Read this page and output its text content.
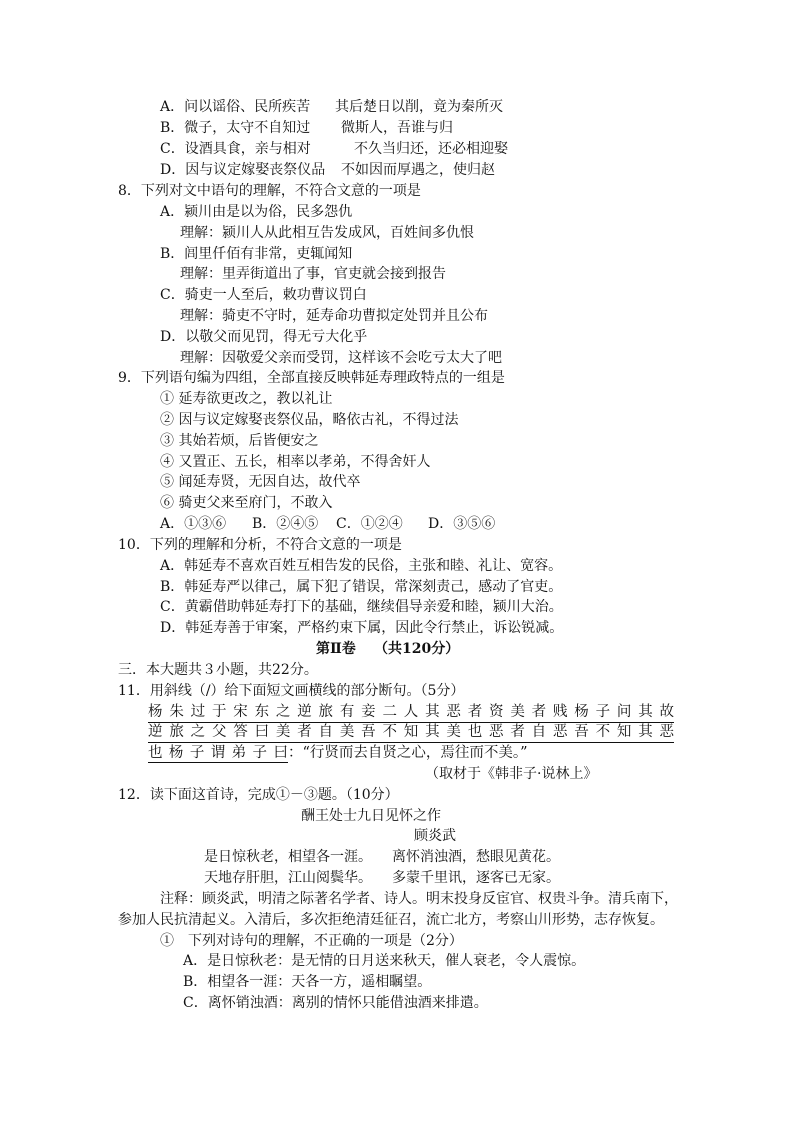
A．问以谣俗、民所疾苦 其后楚日以削，竟为秦所灭
B．微子，太守不自知过 微斯人，吾谁与归
C．设酒具食，亲与相对	不久当归还，还必相迎娶
D．因与议定嫁娶丧祭仪品 不如因而厚遇之，使归赵
8．下列对文中语句的理解，不符合文意的一项是
A．颍川由是以为俗，民多怨仇
理解：颍川人从此相互告发成风，百姓间多仇恨
B．闾里仟佰有非常，吏辄闻知
理解：里弄街道出了事，官吏就会接到报告
C．骑吏一人至后，敕功曹议罚白
理解：骑吏不守时，延寿命功曹拟定处罚并且公布
D．以敬父而见罚，得无亏大化乎
理解：因敬爱父亲而受罚，这样该不会吃亏太大了吧
9．下列语句编为四组，全部直接反映韩延寿理政特点的一组是
① 延寿欲更改之，教以礼让
② 因与议定嫁娶丧祭仪品，略依古礼，不得过法
③ 其始若烦，后皆便安之
④ 又置正、五长，相率以孝弟，不得舍奸人
⑤ 闻延寿贤，无因自达，故代卒
⑥ 骑吏父来至府门，不敢入
A．①③⑥ B．②④⑤ C．①②④ D．③⑤⑥
10．下列的理解和分析，不符合文意的一项是
A．韩延寿不喜欢百姓互相告发的民俗，主张和睦、礼让、宽容。
B．韩延寿严以律己，属下犯了错误，常深刻责己，感动了官吏。
C．黄霸借助韩延寿打下的基础，继续倡导亲爱和睦，颍川大治。
D．韩延寿善于审案，严格约束下属，因此令行禁止，诉讼锐减。
第Ⅱ卷 （共120分）
三．本大题共３小题，共22分。
11．用斜线（/）给下面短文画横线的部分断句。（5分）
杨 朱 过 于 宋 东 之 逆 旅 有 妾 二 人 其 恶 者 资 美 者 贱 杨 子 问 其 故
逆 旅 之 父 答 曰 美 者 自 美 吾 不 知 其 美 也 恶 者 自 恶 吾 不 知 其 恶
也 杨 子 谓 弟 子 曰 ：“行贤而去自贤之心，焉往而不美。”
（取材于《韩非子·说林上》
12．读下面这首诗，完成①－③题。（10分）
酬王处士九日见怀之作
顾炎武
是日惊秋老，相望各一涯。 离怀消浊酒，愁眼见黄花。
天地存肝胆，江山阅鬓华。 多蒙千里讯，逐客已无家。
注释：顾炎武，明清之际著名学者、诗人。明末投身反宦官、权贵斗争。清兵南下，
参加人民抗清起义。入清后，多次拒绝清廷征召，流亡北方，考察山川形势，志存恢复。
①　下列对诗句的理解，不正确的一项是（2分）
A．是日惊秋老：是无情的日月送来秋天，催人衰老，令人震惊。
B．相望各一涯：天各一方，遥相瞩望。
C．离怀销浊酒：离别的情怀只能借浊酒来排遣。
